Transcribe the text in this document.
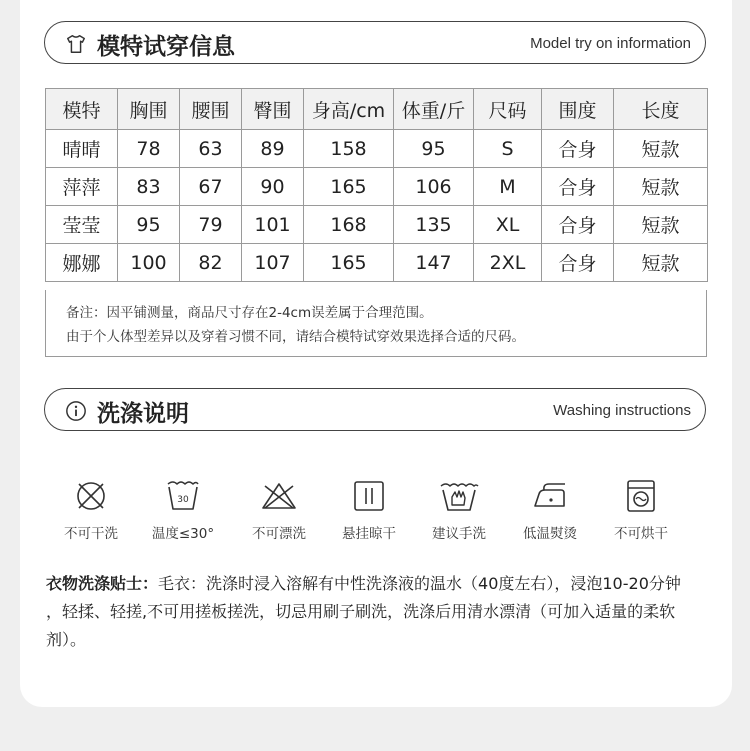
模特试穿信息	Model try on information
模特	胸围	腰围	臀围	身高/cm	体重/斤	尺码	围度	长度
晴晴	78	63	89	158	95	S	合身	短款
萍萍	83	67	90	165	106	M	合身	短款
莹莹	95	79	101	168	135	XL	合身	短款
娜娜	100	82	107	165	147	2XL	合身	短款
备注：因平铺测量，商品尺寸存在2-4cm误差属于合理范围。
由于个人体型差异以及穿着习惯不同，请结合模特试穿效果选择合适的尺码。
洗涤说明	Washing instructions
不可干洗
30
温度≤30°	不可漂洗	悬挂晾干	建议手洗	低温熨烫	不可烘干
衣物洗涤贴士：毛衣：洗涤时浸入溶解有中性洗涤液的温水（40度左右），浸泡10-20分钟
，轻揉、轻搓,不可用搓板搓洗，切忌用刷子刷洗，洗涤后用清水漂清（可加入适量的柔软
剂）。
